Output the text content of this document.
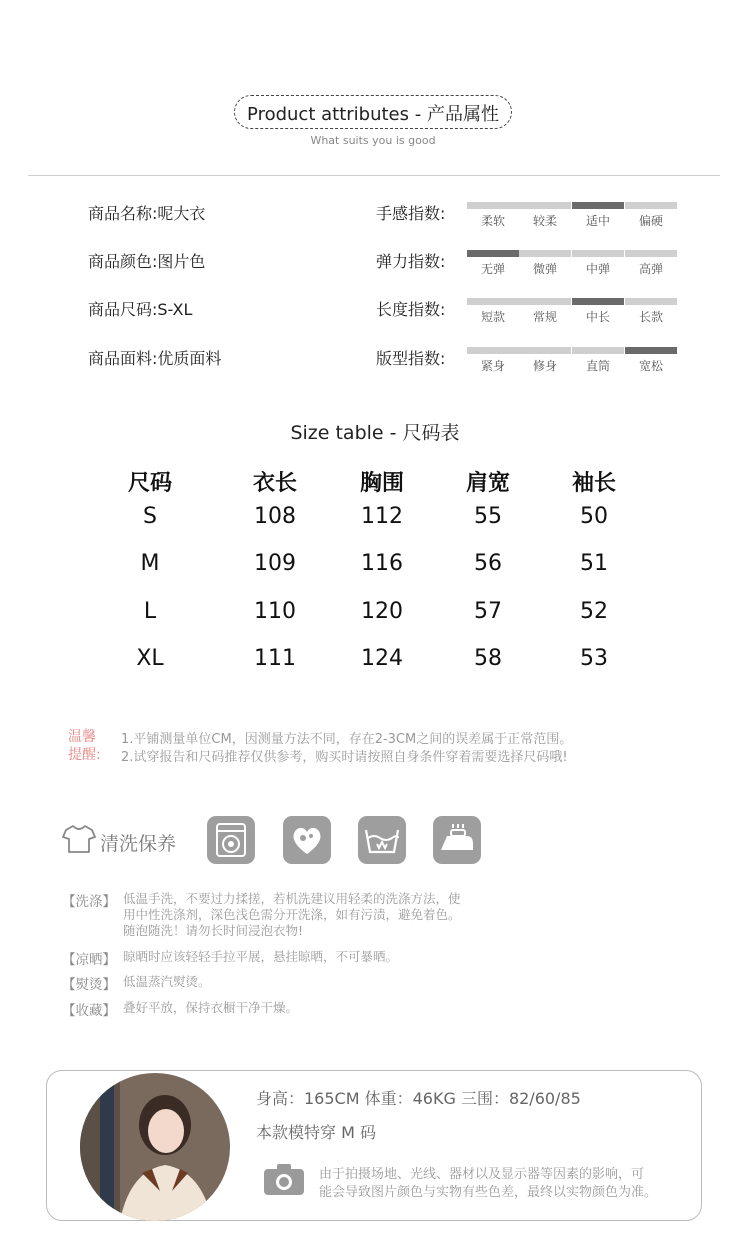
Product attributes - 产品属性
What suits you is good
商品名称:呢大衣
商品颜色:图片色
商品尺码:S-XL
商品面料:优质面料
手感指数:	柔软	较柔	适中	偏硬
弹力指数:	无弹	微弹	中弹	高弹
长度指数:	短款	常规	中长	长款
版型指数:	紧身	修身	直筒	宽松
Size table - 尺码表
尺码	衣长	胸围	肩宽	袖长
S	108	112	55	50
M	109	116	56	51
L	110	120	57	52
XL	111	124	58	53
温馨
提醒:
1.平铺测量单位CM，因测量方法不同，存在2-3CM之间的误差属于正常范围。
2.试穿报告和尺码推荐仅供参考，购买时请按照自身条件穿着需要选择尺码哦!
清洗保养
【洗涤】 低温手洗，不要过力揉搓，若机洗建议用轻柔的洗涤方法，使
用中性洗涤剂，深色浅色需分开洗涤，如有污渍，避免着色。
随泡随洗！请勿长时间浸泡衣物!
【凉晒】 晾晒时应该轻轻手拉平展，悬挂晾晒，不可暴晒。
【熨烫】 低温蒸汽熨烫。
【收藏】 叠好平放，保持衣橱干净干燥。
身高：165CM 体重：46KG 三围：82/60/85
本款模特穿 M 码
由于拍摄场地、光线、器材以及显示器等因素的影响，可
能会导致图片颜色与实物有些色差，最终以实物颜色为准。
